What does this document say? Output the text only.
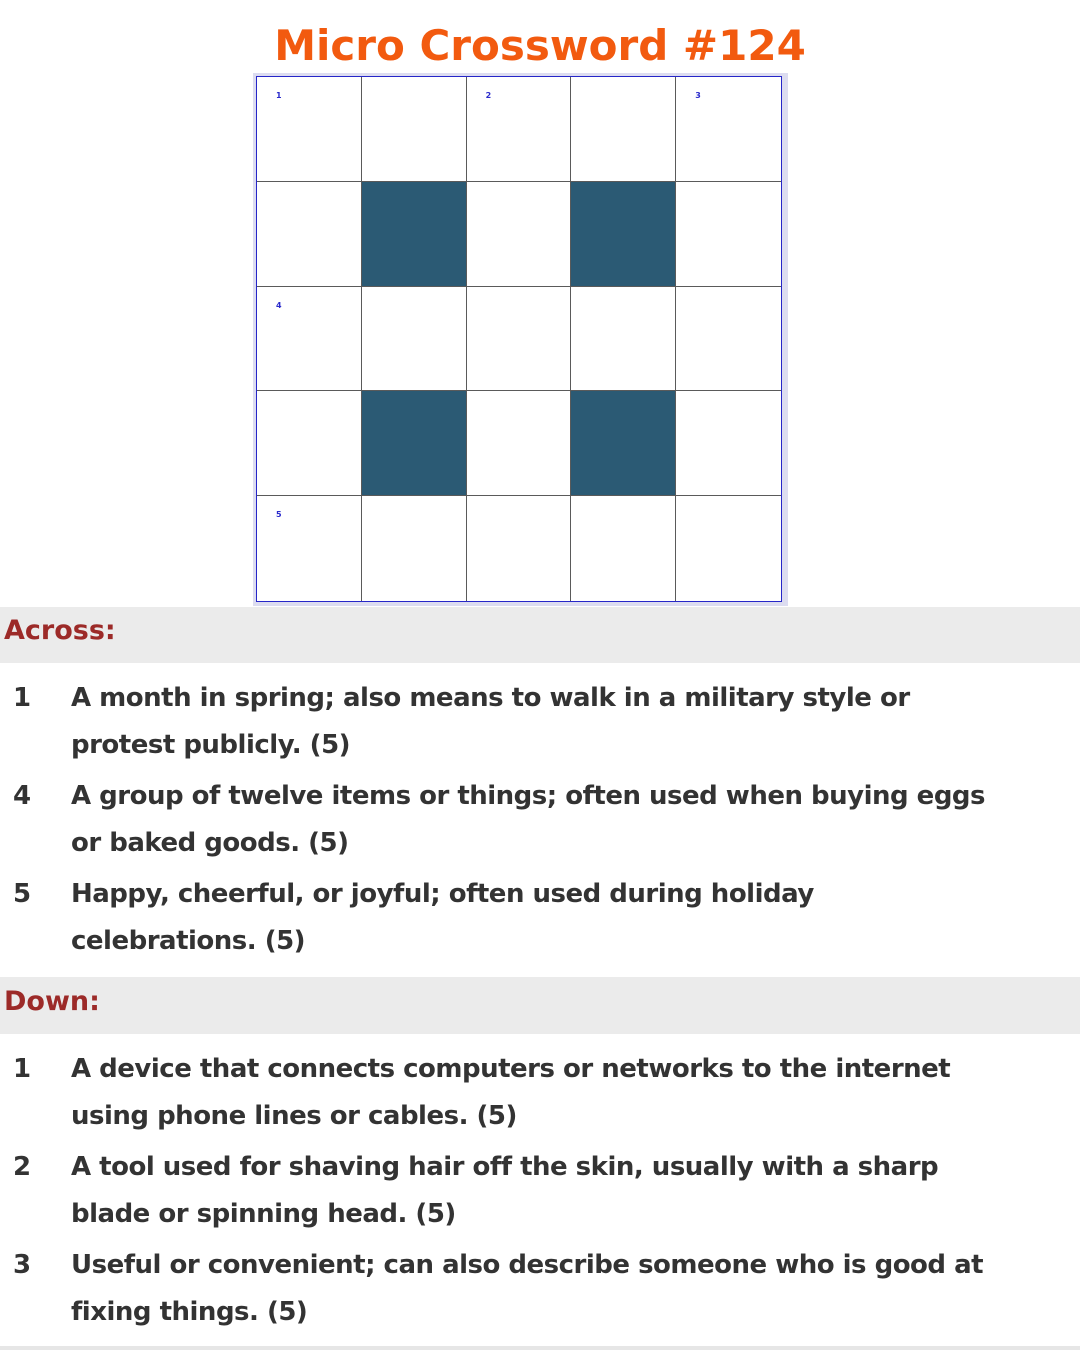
Micro Crossword #124
1	2	3
4
5
Across:
1	A month in spring; also means to walk in a military style or
protest publicly. (5)
4	A group of twelve items or things; often used when buying eggs
or baked goods. (5)
5	Happy, cheerful, or joyful; often used during holiday
celebrations. (5)
Down:
1	A device that connects computers or networks to the internet
using phone lines or cables. (5)
2	A tool used for shaving hair off the skin, usually with a sharp
blade or spinning head. (5)
3	Useful or convenient; can also describe someone who is good at
fixing things. (5)
